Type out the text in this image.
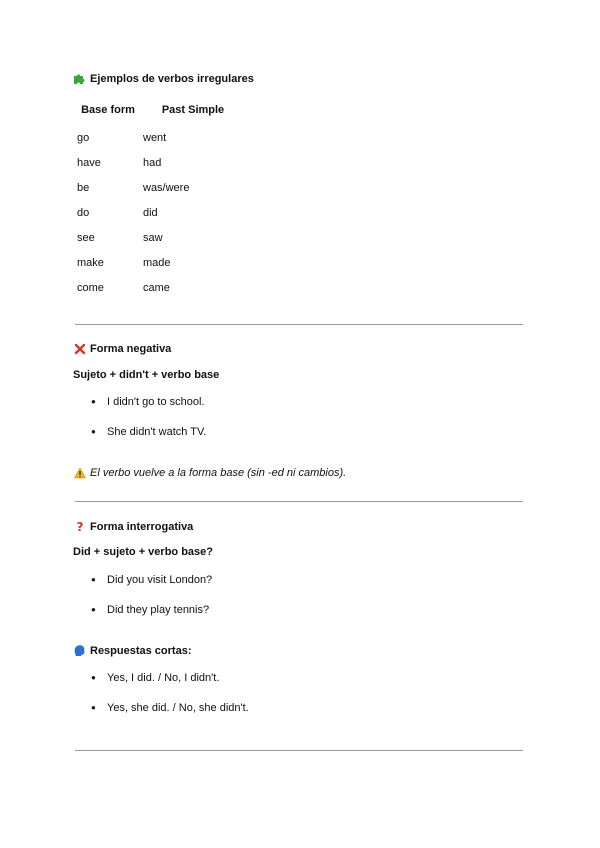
Ejemplos de verbos irregulares
Base form	Past Simple

go	went
have	had
be	was/were
do	did
see	saw
make	made
come	came
Forma negativa
Sujeto + didn't + verbo base
● I didn't go to school.
● She didn't watch TV.
El verbo vuelve a la forma base (sin -ed ni cambios).
? Forma interrogativa
Did + sujeto + verbo base?
● Did you visit London?
● Did they play tennis?
Respuestas cortas:
● Yes, I did. / No, I didn't.
● Yes, she did. / No, she didn't.
